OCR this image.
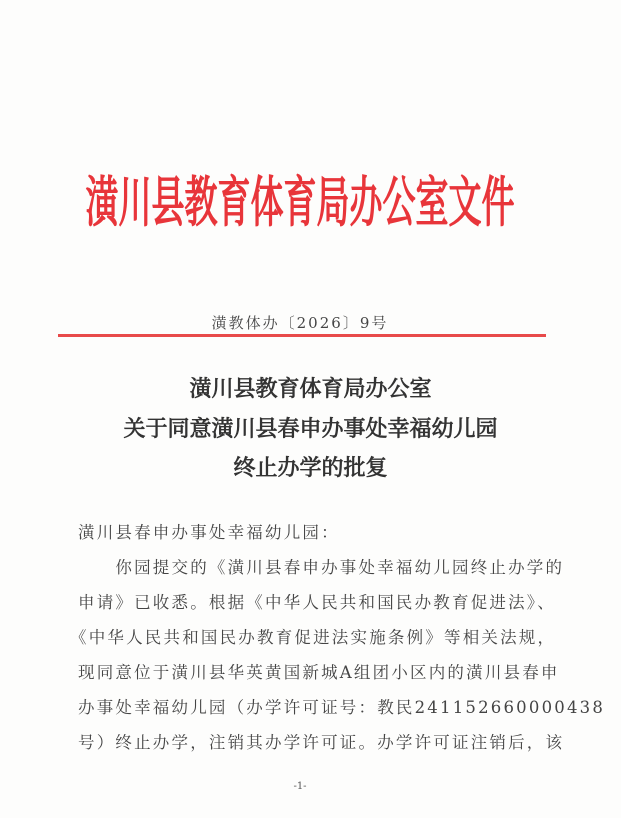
潢川县教育体育局办公室文件
潢教体办〔2026〕9号
潢川县教育体育局办公室
关于同意潢川县春申办事处幸福幼儿园
终止办学的批复
潢川县春申办事处幸福幼儿园：
　　你园提交的《潢川县春申办事处幸福幼儿园终止办学的
申请》已收悉。根据《中华人民共和国民办教育促进法》、
《中华人民共和国民办教育促进法实施条例》等相关法规，
现同意位于潢川县华英黄国新城A组团小区内的潢川县春申
办事处幸福幼儿园（办学许可证号：教民241152660000438
号）终止办学，注销其办学许可证。办学许可证注销后，该
-1-
